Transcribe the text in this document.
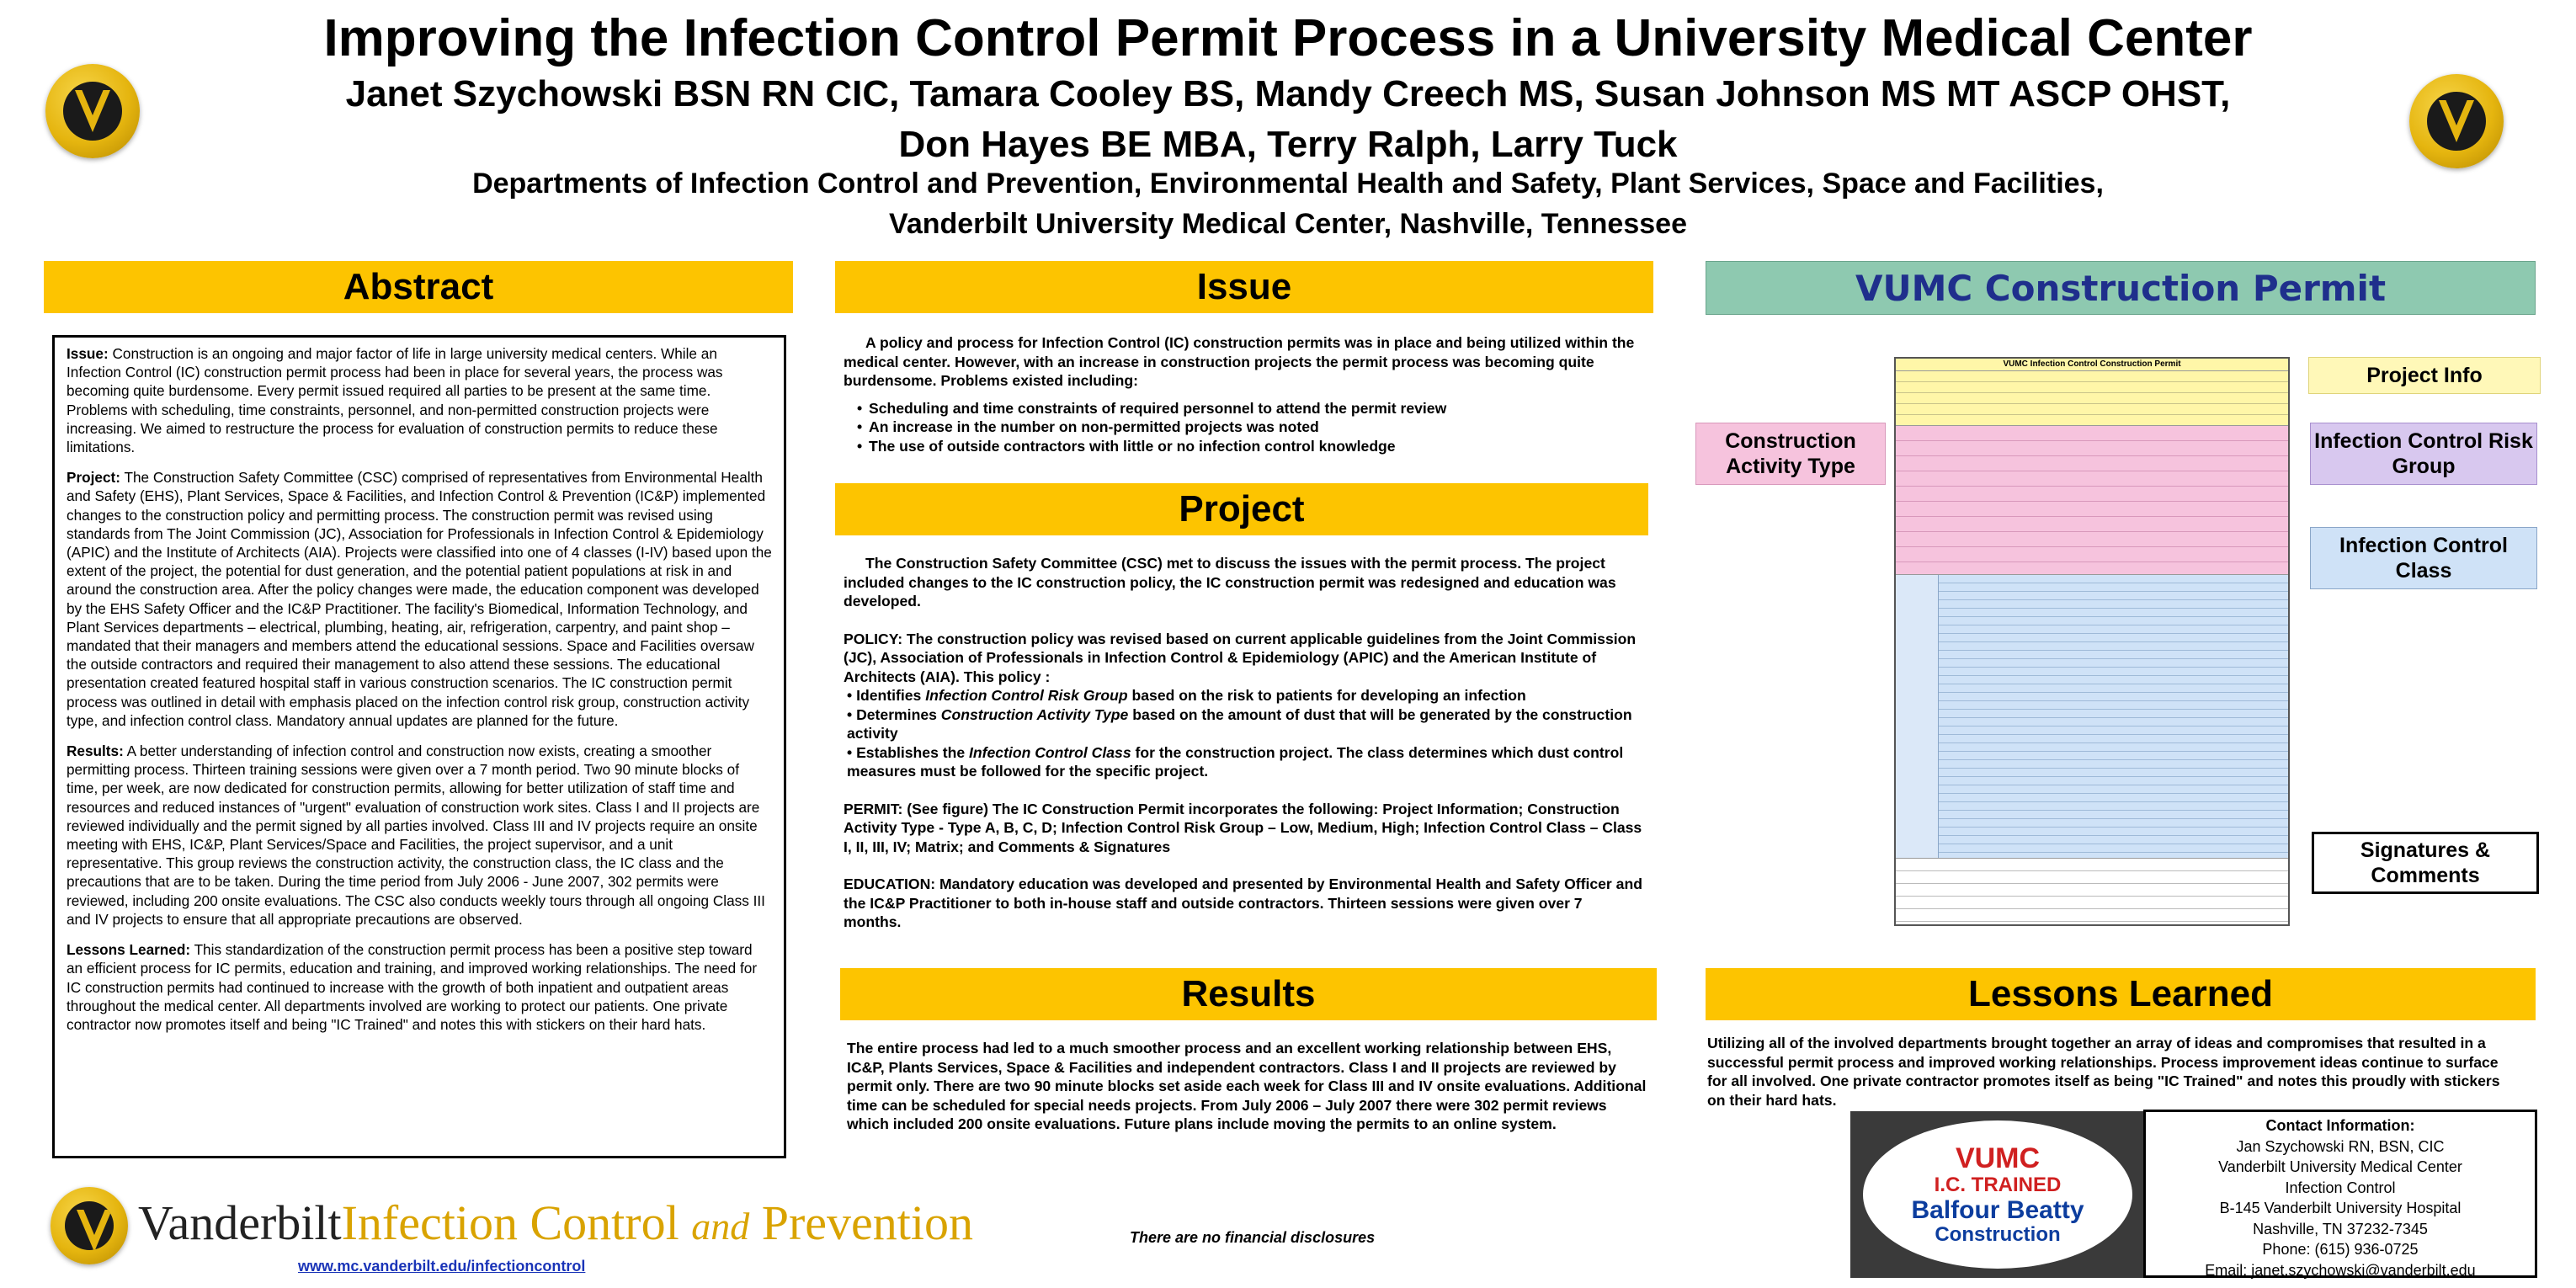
Improving the Infection Control Permit Process in a University Medical Center
Janet Szychowski BSN RN CIC, Tamara Cooley BS, Mandy Creech MS, Susan Johnson MS MT ASCP OHST,
Don Hayes BE MBA, Terry Ralph, Larry Tuck
Departments of Infection Control and Prevention, Environmental Health and Safety, Plant Services, Space and Facilities,
Vanderbilt University Medical Center, Nashville, Tennessee
Abstract

Issue: Construction is an ongoing and major factor of life in large university medical centers. While an Infection Control (IC) construction permit process had been in place for several years, the process was becoming quite burdensome. Every permit issued required all parties to be present at the same time. Problems with scheduling, time constraints, personnel, and non-permitted construction projects were increasing. We aimed to restructure the process for evaluation of construction permits to reduce these limitations.

Project: The Construction Safety Committee (CSC) comprised of representatives from Environmental Health and Safety (EHS), Plant Services, Space & Facilities, and Infection Control & Prevention (IC&P) implemented changes to the construction policy and permitting process. The construction permit was revised using standards from The Joint Commission (JC), Association for Professionals in Infection Control & Epidemiology (APIC) and the Institute of Architects (AIA). Projects were classified into one of 4 classes (I-IV) based upon the extent of the project, the potential for dust generation, and the potential patient populations at risk in and around the construction area. After the policy changes were made, the education component was developed by the EHS Safety Officer and the IC&P Practitioner. The facility's Biomedical, Information Technology, and Plant Services departments – electrical, plumbing, heating, air, refrigeration, carpentry, and paint shop – mandated that their managers and members attend the educational sessions. Space and Facilities oversaw the outside contractors and required their management to also attend these sessions. The educational presentation created featured hospital staff in various construction scenarios. The IC construction permit process was outlined in detail with emphasis placed on the infection control risk group, construction activity type, and infection control class. Mandatory annual updates are planned for the future.

Results: A better understanding of infection control and construction now exists, creating a smoother permitting process. Thirteen training sessions were given over a 7 month period. Two 90 minute blocks of time, per week, are now dedicated for construction permits, allowing for better utilization of staff time and resources and reduced instances of "urgent" evaluation of construction work sites. Class I and II projects are reviewed individually and the permit signed by all parties involved. Class III and IV projects require an onsite meeting with EHS, IC&P, Plant Services/Space and Facilities, the project supervisor, and a unit representative. This group reviews the construction activity, the construction class, the IC class and the precautions that are to be taken. During the time period from July 2006 - June 2007, 302 permits were reviewed, including 200 onsite evaluations. The CSC also conducts weekly tours through all ongoing Class III and IV projects to ensure that all appropriate precautions are observed.

Lessons Learned: This standardization of the construction permit process has been a positive step toward an efficient process for IC permits, education and training, and improved working relationships. The need for IC construction permits had continued to increase with the growth of both inpatient and outpatient areas throughout the medical center. All departments involved are working to protect our patients. One private contractor now promotes itself and being "IC Trained" and notes this with stickers on their hard hats.

Issue

A policy and process for Infection Control (IC) construction permits was in place and being utilized within the medical center. However, with an increase in construction projects the permit process was becoming quite burdensome. Problems existed including:

• Scheduling and time constraints of required personnel to attend the permit review
• An increase in the number on non-permitted projects was noted
• The use of outside contractors with little or no infection control knowledge
Project

The Construction Safety Committee (CSC) met to discuss the issues with the permit process. The project included changes to the IC construction policy, the IC construction permit was redesigned and education was developed.

POLICY: The construction policy was revised based on current applicable guidelines from the Joint Commission (JC), Association of Professionals in Infection Control & Epidemiology (APIC) and the American Institute of Architects (AIA). This policy :

• Identifies Infection Control Risk Group based on the risk to patients for developing an infection
• Determines Construction Activity Type based on the amount of dust that will be generated by the construction activity
• Establishes the Infection Control Class for the construction project. The class determines which dust control measures must be followed for the specific project.

PERMIT: (See figure) The IC Construction Permit incorporates the following: Project Information; Construction Activity Type - Type A, B, C, D; Infection Control Risk Group – Low, Medium, High; Infection Control Class – Class I, II, III, IV; Matrix; and Comments & Signatures

EDUCATION: Mandatory education was developed and presented by Environmental Health and Safety Officer and the IC&P Practitioner to both in-house staff and outside contractors. Thirteen sessions were given over 7 months.

Results
The entire process had led to a much smoother process and an excellent working relationship between EHS, IC&P, Plants Services, Space & Facilities and independent contractors. Class I and II projects are reviewed by permit only. There are two 90 minute blocks set aside each week for Class III and IV onsite evaluations. Additional time can be scheduled for special needs projects. From July 2006 – July 2007 there were 302 permit reviews which included 200 onsite evaluations. Future plans include moving the permits to an online system.
VUMC Construction Permit
VUMC Infection Control Construction Permit	Project Info
Construction Activity Type
Infection Control Risk Group
Infection Control Class
Signatures & Comments
Lessons Learned
Utilizing all of the involved departments brought together an array of ideas and compromises that resulted in a successful permit process and improved working relationships. Process improvement ideas continue to surface for all involved. One private contractor promotes itself as being "IC Trained" and notes this proudly with stickers on their hard hats.
VUMC
I.C. TRAINED
Balfour Beatty
Construction
Contact Information:
Jan Szychowski RN, BSN, CIC
Vanderbilt University Medical Center
Infection Control
B-145 Vanderbilt University Hospital
Nashville, TN 37232-7345
Phone: (615) 936-0725
Email: janet.szychowski@vanderbilt.edu
VanderbiltInfection Control and Prevention
www.mc.vanderbilt.edu/infectioncontrol
There are no financial disclosures
